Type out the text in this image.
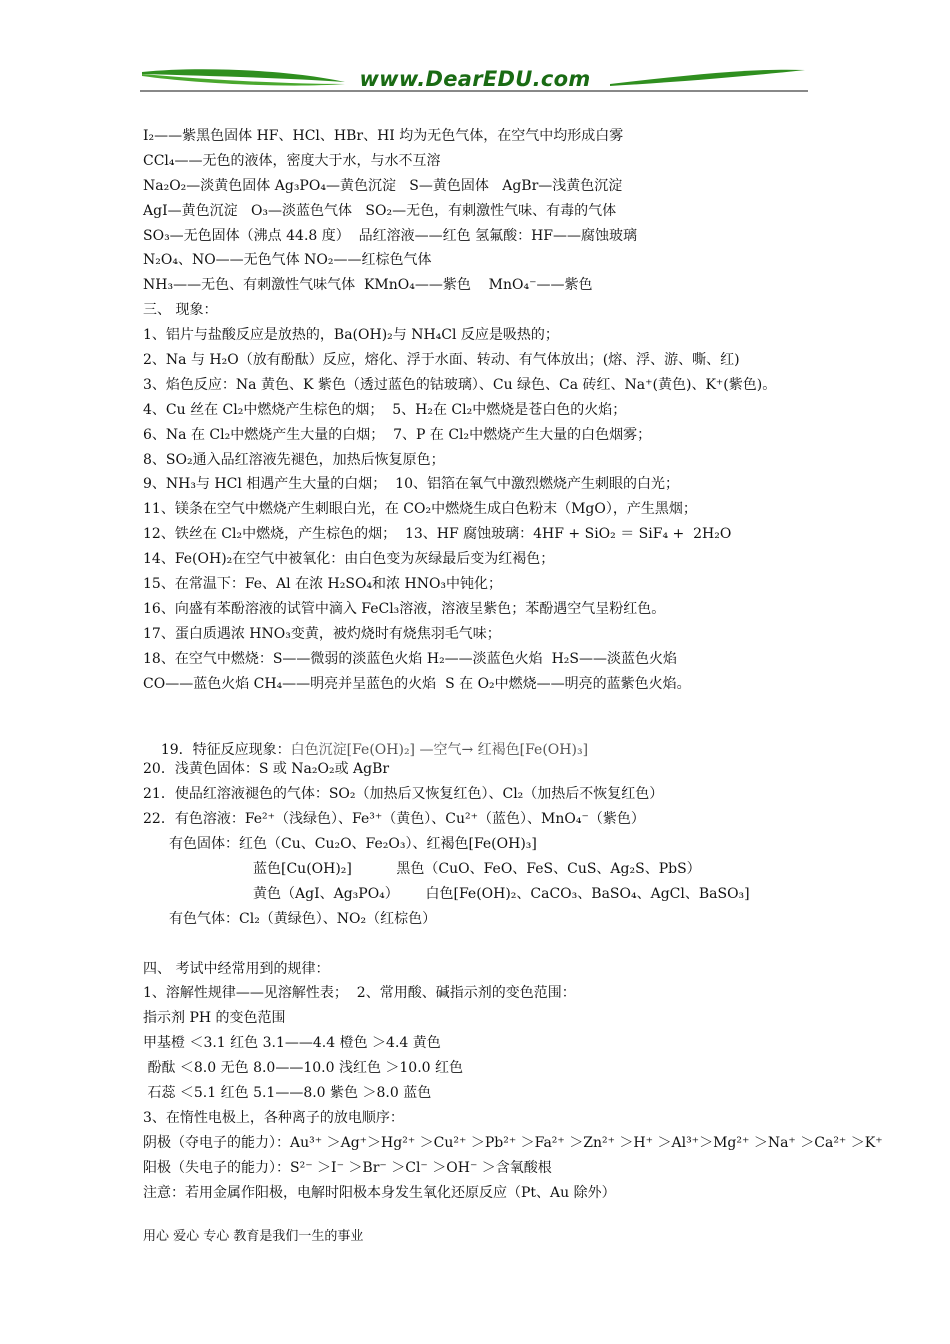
www.DearEDU.com
I₂——紫黑色固体 HF、HCl、HBr、HI 均为无色气体，在空气中均形成白雾
CCl₄——无色的液体，密度大于水，与水不互溶
Na₂O₂—淡黄色固体 Ag₃PO₄—黄色沉淀   S—黄色固体   AgBr—浅黄色沉淀
AgI—黄色沉淀   O₃—淡蓝色气体   SO₂—无色，有刺激性气味、有毒的气体
SO₃—无色固体（沸点 44.8 度）  品红溶液——红色 氢氟酸：HF——腐蚀玻璃
N₂O₄、NO——无色气体 NO₂——红棕色气体
NH₃——无色、有刺激性气味气体  KMnO₄——紫色    MnO₄⁻——紫色
三、 现象：
1、铝片与盐酸反应是放热的，Ba(OH)₂与 NH₄Cl 反应是吸热的；
2、Na 与 H₂O（放有酚酞）反应，熔化、浮于水面、转动、有气体放出；(熔、浮、游、嘶、红)
3、焰色反应：Na 黄色、K 紫色（透过蓝色的钴玻璃）、Cu 绿色、Ca 砖红、Na⁺(黄色)、K⁺(紫色)。
4、Cu 丝在 Cl₂中燃烧产生棕色的烟；  5、H₂在 Cl₂中燃烧是苍白色的火焰；
6、Na 在 Cl₂中燃烧产生大量的白烟；  7、P 在 Cl₂中燃烧产生大量的白色烟雾；
8、SO₂通入品红溶液先褪色，加热后恢复原色；
9、NH₃与 HCl 相遇产生大量的白烟；  10、铝箔在氧气中激烈燃烧产生刺眼的白光；
11、镁条在空气中燃烧产生刺眼白光，在 CO₂中燃烧生成白色粉末（MgO），产生黑烟；
12、铁丝在 Cl₂中燃烧，产生棕色的烟；  13、HF 腐蚀玻璃：4HF + SiO₂ ＝ SiF₄ +  2H₂O
14、Fe(OH)₂在空气中被氧化：由白色变为灰绿最后变为红褐色；
15、在常温下：Fe、Al 在浓 H₂SO₄和浓 HNO₃中钝化；
16、向盛有苯酚溶液的试管中滴入 FeCl₃溶液，溶液呈紫色；苯酚遇空气呈粉红色。
17、蛋白质遇浓 HNO₃变黄，被灼烧时有烧焦羽毛气味；
18、在空气中燃烧：S——微弱的淡蓝色火焰 H₂——淡蓝色火焰  H₂S——淡蓝色火焰
CO——蓝色火焰 CH₄——明亮并呈蓝色的火焰  S 在 O₂中燃烧——明亮的蓝紫色火焰。

19．特征反应现象：白色沉淀[Fe(OH)₂] —空气→ 红褐色[Fe(OH)₃]

20．浅黄色固体：S 或 Na₂O₂或 AgBr
21．使品红溶液褪色的气体：SO₂（加热后又恢复红色）、Cl₂（加热后不恢复红色）
22．有色溶液：Fe²⁺（浅绿色）、Fe³⁺（黄色）、Cu²⁺（蓝色）、MnO₄⁻（紫色）
有色固体：红色（Cu、Cu₂O、Fe₂O₃）、红褐色[Fe(OH)₃]
蓝色[Cu(OH)₂]          黑色（CuO、FeO、FeS、CuS、Ag₂S、PbS）
黄色（AgI、Ag₃PO₄）      白色[Fe(OH)₂、CaCO₃、BaSO₄、AgCl、BaSO₃]
有色气体：Cl₂（黄绿色）、NO₂（红棕色）
四、 考试中经常用到的规律：
1、溶解性规律——见溶解性表；  2、常用酸、碱指示剂的变色范围：
指示剂 PH 的变色范围
甲基橙 ＜3.1 红色 3.1——4.4 橙色 ＞4.4 黄色
酚酞 ＜8.0 无色 8.0——10.0 浅红色 ＞10.0 红色
石蕊 ＜5.1 红色 5.1——8.0 紫色 ＞8.0 蓝色
3、在惰性电极上，各种离子的放电顺序：
阴极（夺电子的能力）：Au³⁺ ＞Ag⁺＞Hg²⁺ ＞Cu²⁺ ＞Pb²⁺ ＞Fa²⁺ ＞Zn²⁺ ＞H⁺ ＞Al³⁺＞Mg²⁺ ＞Na⁺ ＞Ca²⁺ ＞K⁺
阳极（失电子的能力）：S²⁻ ＞I⁻ ＞Br⁻ ＞Cl⁻ ＞OH⁻ ＞含氧酸根
注意：若用金属作阳极，电解时阳极本身发生氧化还原反应（Pt、Au 除外）
用心 爱心 专心 教育是我们一生的事业
